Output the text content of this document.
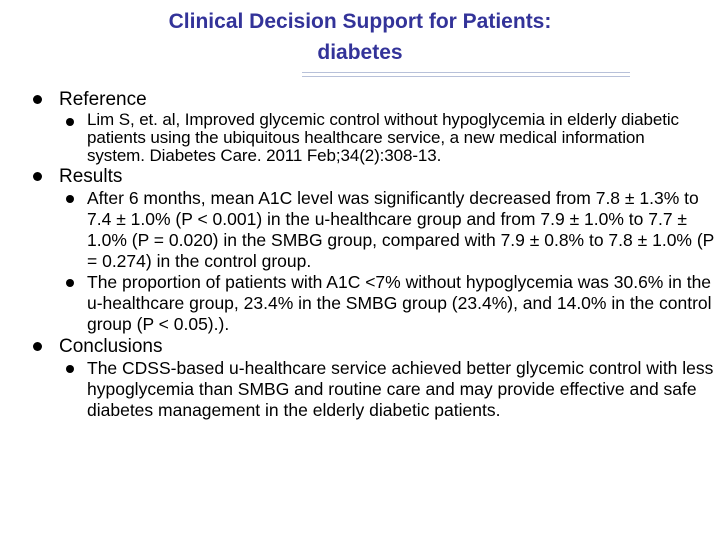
Clinical Decision Support for Patients:
diabetes
Reference
Lim S, et. al, Improved glycemic control without hypoglycemia in elderly diabetic patients using the ubiquitous healthcare service, a new medical information system. Diabetes Care. 2011 Feb;34(2):308-13.
Results
After 6 months, mean A1C level was significantly decreased from 7.8 ± 1.3% to 7.4 ± 1.0% (P < 0.001) in the u-healthcare group and from 7.9 ± 1.0% to 7.7 ± 1.0% (P = 0.020) in the SMBG group, compared with 7.9 ± 0.8% to 7.8 ± 1.0% (P = 0.274) in the control group.
The proportion of patients with A1C <7% without hypoglycemia was 30.6% in the u-healthcare group, 23.4% in the SMBG group (23.4%), and 14.0% in the control group (P < 0.05).).
Conclusions
The CDSS-based u-healthcare service achieved better glycemic control with less hypoglycemia than SMBG and routine care and may provide effective and safe diabetes management in the elderly diabetic patients.
